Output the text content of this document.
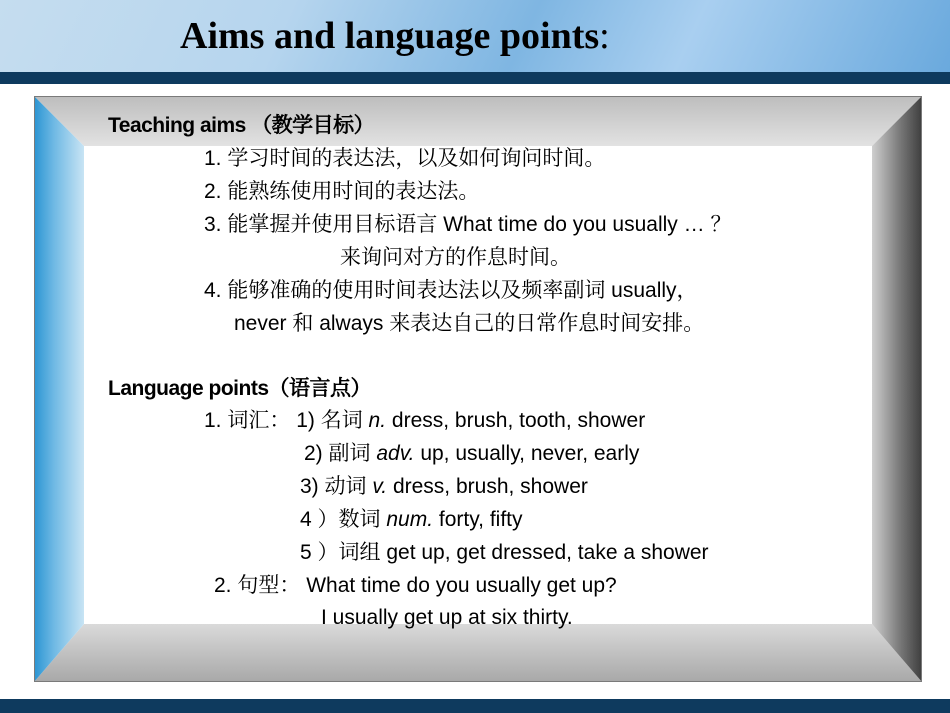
Aims and language points:
Teaching aims （教学目标）
1. 学习时间的表达法，以及如何询问时间。
2. 能熟练使用时间的表达法。
3. 能掌握并使用目标语言 What time do you usually … ？
来询问对方的作息时间。
4. 能够准确的使用时间表达法以及频率副词 usually，
never 和 always 来表达自己的日常作息时间安排。
Language points（语言点）
1. 词汇： 1) 名词 n. dress, brush, tooth, shower
2) 副词 adv. up, usually, never, early
3) 动词 v. dress, brush, shower
4 ）数词 num. forty, fifty
5 ）词组 get up, get dressed, take a shower
2. 句型： What time do you usually get up?
I usually get up at six thirty.
